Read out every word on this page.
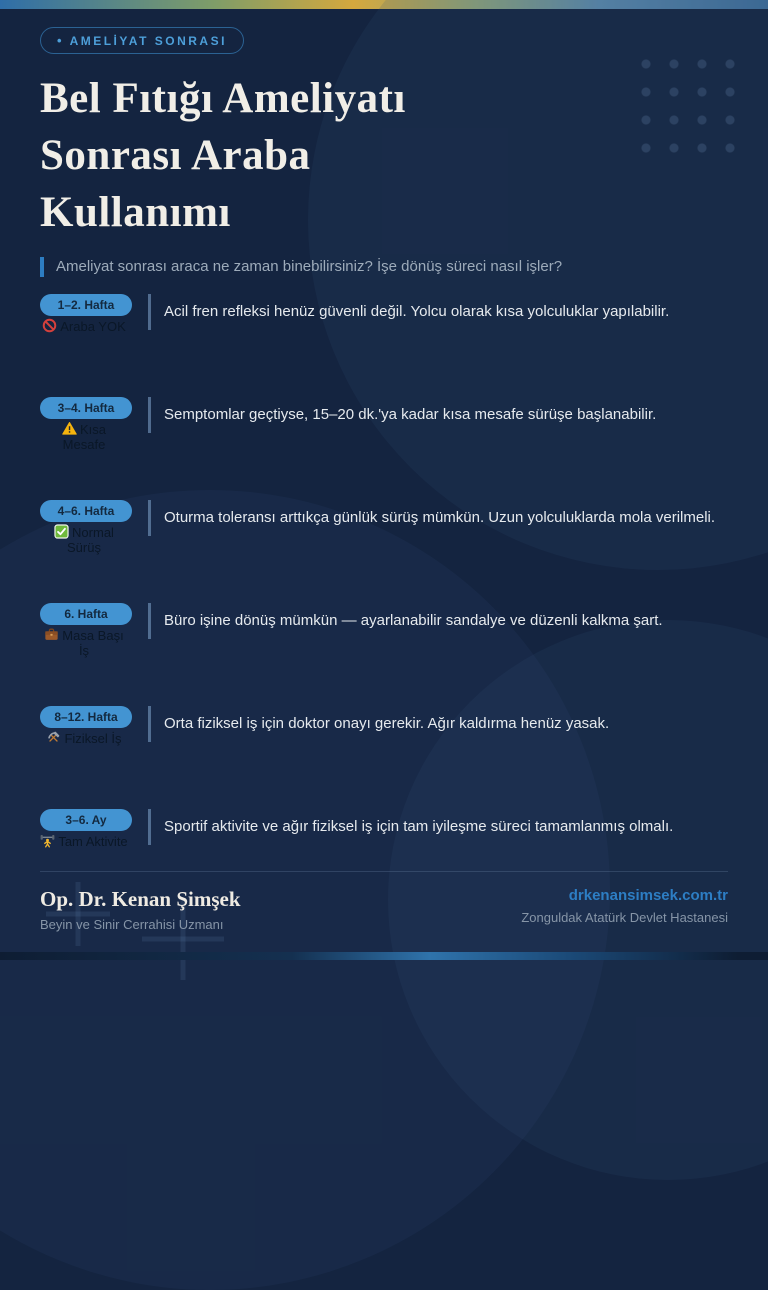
• AMELİYAT SONRASI
Bel Fıtığı Ameliyatı Sonrası Araba Kullanımı
Ameliyat sonrası araca ne zaman binebilirsiniz? İşe dönüş süreci nasıl işler?
1–2. Hafta
Araba YOK
Acil fren refleksi henüz güvenli değil. Yolcu olarak kısa yolculuklar yapılabilir.
3–4. Hafta
Kısa Mesafe
Semptomlar geçtiyse, 15–20 dk.'ya kadar kısa mesafe sürüşe başlanabilir.
4–6. Hafta
Normal Sürüş
Oturma toleransı arttıkça günlük sürüş mümkün. Uzun yolculuklarda mola verilmeli.
6. Hafta
Masa Başı İş
Büro işine dönüş mümkün — ayarlanabilir sandalye ve düzenli kalkma şart.
8–12. Hafta
Fiziksel İş
Orta fiziksel iş için doktor onayı gerekir. Ağır kaldırma henüz yasak.
3–6. Ay
Tam Aktivite
Sportif aktivite ve ağır fiziksel iş için tam iyileşme süreci tamamlanmış olmalı.
Op. Dr. Kenan Şimşek
Beyin ve Sinir Cerrahisi Uzmanı
drkenansimsek.com.tr
Zonguldak Atatürk Devlet Hastanesi
